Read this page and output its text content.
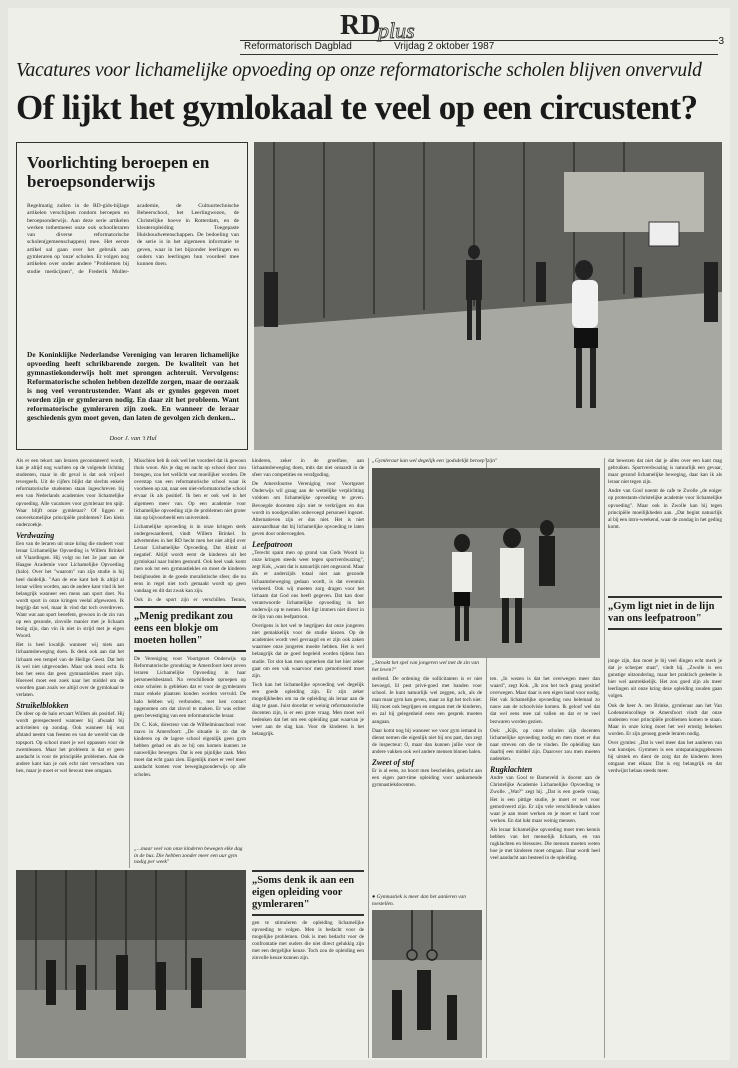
RD
plus
Reformatorisch Dagblad	Vrijdag 2 oktober 1987	3
Vacatures voor lichamelijke opvoeding op onze reformatorische scholen blijven onvervuld
Of lijkt het gymlokaal te veel op een circustent?
Voorlichting beroepen en beroepsonderwijs
Regelmatig zullen in de RD-gids-bijlage artikelen verschijnen rondom beroepen en beroepsonderwijs. Aan deze serie artikelen werken tothetmeest onze ook schoolleraren van diverse reformatorische scholen(gemeenschappen) mee. Het eerste artikel sal gaan over het gebruik aan gymleraren op 'onze' scholen. Er volgen nog artikelen over onder andere "Problemen bij studie medicijnen", de Frederik Muller-academie, de Cultuurtechnische Beheerschool, het Leerlingwezen, de Christelijke hoeve in Rotterdam, en de kleuteropleiding Toegepaste Huishoudwetenschappen. De bedoeling van de serie is in het algemeen informatie te geven, waar in het bijzonder leerlingen en ouders van leerlingen hun voordeel mee kunnen doen.
De Koninklijke Nederlandse Vereniging van leraren lichamelijke opvoeding heeft schrikbarende zorgen. De kwaliteit van het gymnastiekonderwijs holt met sprongen achteruit. Vervolgens: Reformatorische scholen hebben dezelfde zorgen, maar de oorzaak is nog veel verontrustender. Want als er gymles gegeven moet worden zijn er gymleraren nodig. En daar zit het probleem. Want reformatorische gymleraren zijn zoek. En wanneer de leraar geschiedenis gym moet geven, dan laten de gevolgen zich denken...
Door J. van 't Hul

Als er een tekort aan leraren geconstateerd wordt, kan je altijd nog wachten op de volgende lichting studenten, maar in dit geval is dat ook vrijwel tevergeefs. Uit de cijfers blijkt dat slechts enkele reformatorische studenten staan ingeschreven bij een van Nederlands academies voor lichamelijke opvoeding. Alle vacatures voor gymleraar ten spijt. Waar blijft onze gymleraar? Of liggen er onoverkomelijke principiële problemen? Een klein onderzoekje.

Verdwazing

Een van de leraren uit onze kring die studeert voor leraar Lichamelijke Opvoeding is Willem Brinkel uit Vlaardingen. Hij volgt nu het 3e jaar aan de Haagse Academie voor Lichamelijke Opvoeding (halo). Over het "waarom" van zijn studie is hij heel duidelijk. "Aan de ene kant heb ik altijd al leraar willen worden, aan de andere kant vind ik het belangrijk wanneer een mens aan sport doet. Nu wordt sport in onze kringen veelal afgewezen. Ik begrijp dat wel, maar ik vind dat toch overdreven. Want wat aan sport beoefent, gewoon in de zin van op een gezonde, zinvolle manier met je lichaam bezig zijn, dan vin ik niet in strijd met je eigen Woord.

Het is heel kwalijk wanneer wij niets aan lichaamsbeweging doen. Ik denk ook aan dat het lichaam een tempel van de Heilige Geest. Dat heb ik wel niet uitgevonden. Maar ook mooi echt. Ik ben het eens dat geen gymnastiekles moet zijn. Hoeveel moet een zoek naar het middel om de woorden gaan zoals we altijd over de gymlokaal te verlaten.

Struikelblokken

De sfeer op de halo ervaart Willem als positief. Hij wordt gerespecteerd wanneer hij afwaakt bij activiteiten op zondag. Ook wanneer hij wat afstand neemt van feesten en van de wereld van de topsport. Op school moet je wel oppassen voor de zwemlessen. Maar het probleem is dat er geen aandacht is voor de principiële problemen. Aan de andere kant kan je ook echt niet verwachten van hen, maar je moet er wel bewust mee omgaan.

Misschien heb ik ook wel het voordeel dat ik gewoon thuis woon. Als je dag en nacht op school door zou brengen, zou het wellicht wat moeilijker worden. De overstap van een reformatorische school waar ik voorheen op zat, naar een niet-reformatorische school ervaar ik als positief. Ik ben er ook wel in het algemeen meer van. Op een academie voor lichamelijke opvoeding zijn de problemen niet groter dan op bijvoorbeeld een universiteit.

Lichamelijke opvoeding is in onze kringen sterk ondergewaardeerd, vindt Willem Brinkel. In advertenties in het RD hecht men het niet altijd over Leraar Lichamelijke Opvoeding. Dat klinkt al negatief. Altijd wordt eerst de kinderen uit het gymlokaal naar buiten gestuurd. Ook heel vaak komt men ook tot een gymnastiekles en moet de kinderen bezighouden in de goede moralistische sfeer, die nu eens in regel niet toch gemaakt wordt op geen vandaag en dit dat zwak kan zijn.

Ook in de sport zijn er verschillen. Tennis,

„Menig predikant zou eens een blokje om moeten hollen"

De Vereniging voor Voortgezet Onderwijs op Reformatorische grondslag te Amersfoort kent zeven leraren Lichamelijke Opvoeding in haar personeelsbestand. Na verschillende oproepen op onze scholen is gebleken dat er voor de gymleraren maar enkele plaatsen konden worden vervuld. De halo hebben wij verbonden, met hen contact opgenomen om dat zinvol te maken. Er was echter geen bevestiging van een reformatorische leraar.

Dr. C. Kok, directeur van de Wilhelminaschool voor mavo in Amersfoort: „De situatie is zo dat de kinderen op de lagere school eigenlijk geen gym hebben gehad en als ze bij ons komen kunnen ze nauwelijks bewegen. Dat is een pijnlijke zaak. Men moet dat echt gaan zien. Eigenlijk moet er veel meer aandacht komen voor bewegingsonderwijs op alle scholen.

„...maar veel van onze kinderen bewegen elke dag in de bus. Die hebben zonder meer een uur gym nodig per week"

kinderen, zeker in de groeifase, aan lichaamsbeweging doen, mits dat niet ontaardt in de sfeer van competities en verafgoding.

De Amersfoortse Vereniging voor Voortgezet Onderwijs wil graag aan de wettelijke verplichting voldoen om lichamelijke opvoeding te geven. Bevoegde docenten zijn niet te verkrijgen en dus wordt in noodgevallen onbevoegd personeel ingezet. Alternatieven zijn er dus niet. Het is niet aanvaardbaar dat bij lichamelijke opvoeding te laten geven door onbevoegden.

Leefpatroon

„Terecht spant men op grond van Gods Woord in onze kringen steeds weer tegen sportverdwazing", zegt Kok, „want dat is natuurlijk niet ongezond. Maar als er anderzijds totaal niet aan gezonde lichaamsbeweging gedaan wordt, is dat evenmin verkeerd. Ook wij moeten zorg dragen voor het lichaam dat God ons heeft gegeven. Dat kan door verantwoorde lichamelijke opvoeding in het onderwijs op te nemen. Het ligt immers niet direct in de lijn van ons leefpatroon.

Overigens is het wel te begrijpen dat onze jongeren niet gemakkelijk voor de studie kiezen. Op de academies wordt veel gevraagd en er zijn ook zaken waarmee onze jongeren moeite hebben. Het is wel belangrijk dat ze goed begeleid worden tijdens hun studie. Tot slot kan men opmerken dat het hier zeker gaat om een vak waarvoor men gemotiveerd moet zijn.

Toch kan het lichamelijke opvoeding wel degelijk een goede opleiding zijn. Er zijn zeker mogelijkheden om na de opleiding als leraar aan de slag te gaan. Juist doordat er weinig reformatorische docenten zijn, is er een grote vraag. Men moet wel bedenken dat het om een opleiding gaat waarvan je weer aan de slag kan. Voor de kinderen is het belangrijk.

„Soms denk ik aan een eigen opleiding voor gymleraren"

gen te stimuleren de opleiding lichamelijke opvoeding te volgen. Men is bedacht voor de mogelijke problemen. Ook is men bedacht voor de confrontatie met ouders die niet direct gelukkig zijn met een dergelijke keuze. Toch zou de opleiding een zinvolle keuze kunnen zijn.

„Gymleraar kan wel degelijk een 'godsdelijk beroep' zijn"
„Strookt het spel van jongeren wel met de zin van het leven?"

stellend. De ordening die sollicitanten is er niet bevoegd, lil pest privé-goed met banden voor school. Je kunt natuurlijk wel zeggen, ach, als de man maar gym kan geven, maar zo ligt het toch niet. Hij moet ook begrijpen en omgaan met de kinderen, en zal bij gelegenheid eens een gesprek moeten aangaan.

Daar komt nog bij wanneer we voor gym iemand in dienst nemen die eigenlijk niet bij ons past, dan zegt de inspecteur: O, maar dan kunnen jullie voor de andere vakken ook wel andere mensen binnen halen.

Zweet of stof

Er is al eens, zo hoort men bescheiden, gedacht aan een eigen part-time opleiding voor aankomende gymnastiekdocenten.

● Gymnastiek is meer dan het aanleren van toestellen.

ten. „In wezen is dat het overwegen meer dan waard", zegt Kok. „Ik zou het toch graag positief overwegen. Maar daar is een eigen band voor nodig. Het vak lichamelijke opvoeding nou helemaal zo nauw aan de schoolvisie komen. Ik geloof wel dat dat wel eens mee zal vallen en dat er te veel bezwaren worden gezien.

Ook: „Kijk, op onze scholen zijn docenten lichamelijke opvoeding nodig en men moet er dus naar streven om die te vinden. De opleiding kan daarbij een middel zijn. Daarover zou men moeten nadenken.

Rugklachten

Andre van Gool te Barneveld is docent aan de Christelijke Academie Lichamelijke Opvoeding te Zwolle. „Wat?" zegt hij. „Dat is een goede vraag. Het is een pittige studie, je moet er wel voor gemotiveerd zijn. Er zijn vele verschillende vakken waar je aan moet werken en je moet er hard voor werken. En dat lukt maar weinig mensen.

Als leraar lichamelijke opvoeding moet men kennis hebben van het menselijk lichaam, en van rugklachten en blessures. Die mensen moeten weten hoe je met kinderen moet omgaan. Daar wordt heel veel aandacht aan besteed in de opleiding.

dat bewezen dat niet dat je alles over een kant mag gebruiken. Sportverdwazing is natuurlijk een gevaar, maar gezond lichamelijke beweging, daar kan ik als leraar niet tegen zijn.

Andre van Gool noemt de cafe te Zwolle „de eniger op protestants-christelijke academie voor lichamelijke opvoeding". Maar ook in Zwolle kan hij tegen principiële moeilijkheden aan. „Dat begint natuurlijk al bij een intro-weekend, waar de zondag in het geding komt.

„Gym ligt niet in de lijn van ons leefpatroon"

jonge zijn, dan moet je bij veel dingen echt merk je dat je scherper staat", vindt hij. „Zwolle is een gunstige uitzondering, maar het praktisch gedeelte is hier wel aantrekkelijk. Het zou goed zijn als meer leerlingen uit onze kring deze opleiding zouden gaan volgen.

Ook de heer A. ten Brinke, gymleraar aan het Van Lodensteincollege te Amersfoort vindt dat onze studenten voor principiële problemen komen te staan. Maar in onze kring moet het wel ernstig bekeken worden. Er zijn genoeg goede leraren nodig.

Over gymles: „Dat is veel meer dan het aanleren van wat kunstjes. Gymmen is een ontspanningsgebeuren bij uitstek en dient de zorg dat de kinderen leren omgaan met elkaar. Dat is erg belangrijk en dat verdwijnt helaas steeds meer.
